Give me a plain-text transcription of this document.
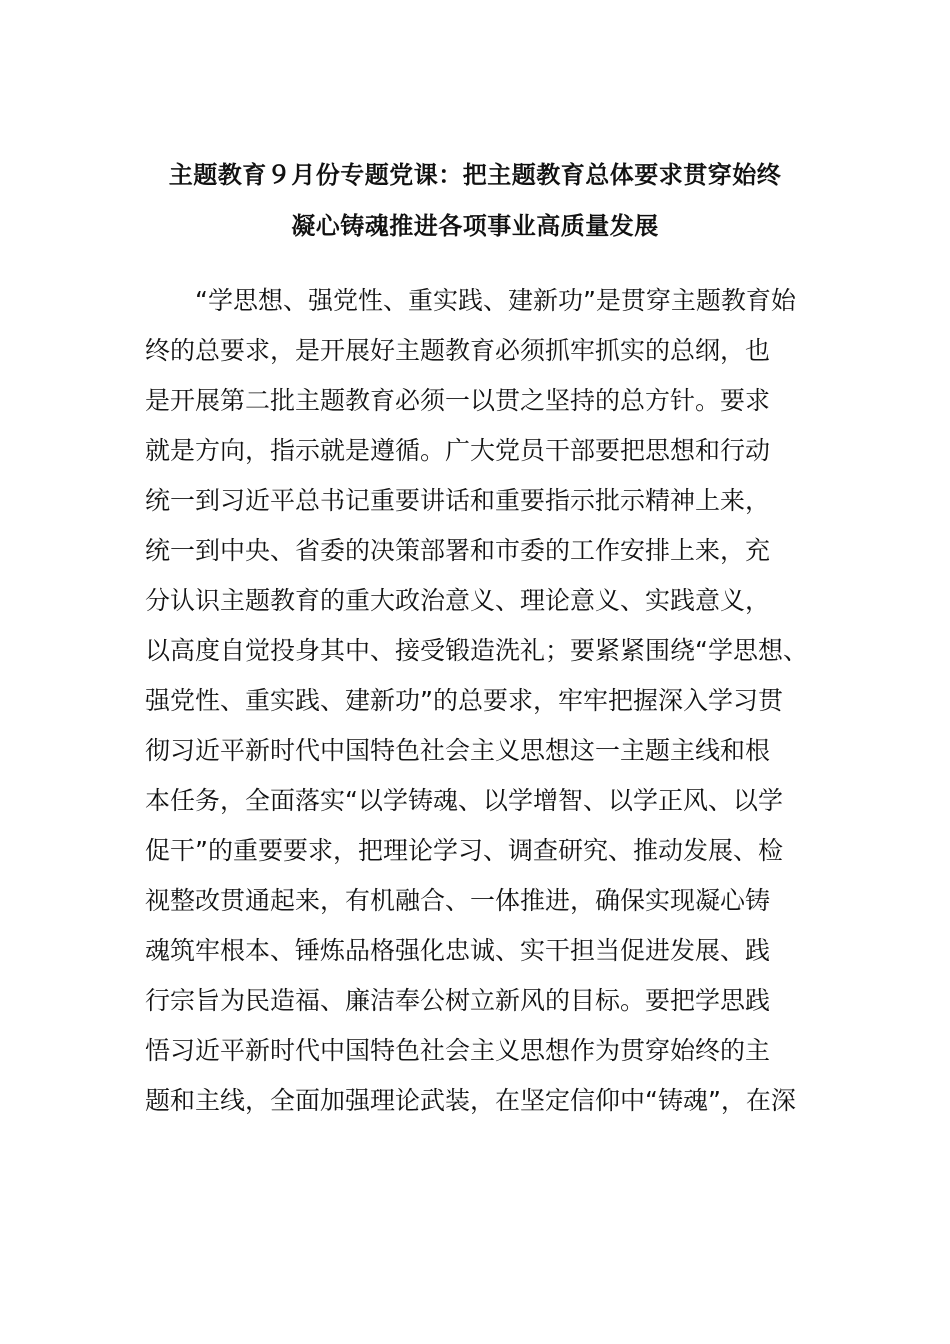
主题教育９月份专题党课：把主题教育总体要求贯穿始终
凝心铸魂推进各项事业高质量发展
“学思想、强党性、重实践、建新功”是贯穿主题教育始
终的总要求，是开展好主题教育必须抓牢抓实的总纲，也
是开展第二批主题教育必须一以贯之坚持的总方针。要求
就是方向，指示就是遵循。广大党员干部要把思想和行动
统一到习近平总书记重要讲话和重要指示批示精神上来，
统一到中央、省委的决策部署和市委的工作安排上来，充
分认识主题教育的重大政治意义、理论意义、实践意义，
以高度自觉投身其中、接受锻造洗礼；要紧紧围绕“学思想、
强党性、重实践、建新功”的总要求，牢牢把握深入学习贯
彻习近平新时代中国特色社会主义思想这一主题主线和根
本任务，全面落实“以学铸魂、以学增智、以学正风、以学
促干”的重要要求，把理论学习、调查研究、推动发展、检
视整改贯通起来，有机融合、一体推进，确保实现凝心铸
魂筑牢根本、锤炼品格强化忠诚、实干担当促进发展、践
行宗旨为民造福、廉洁奉公树立新风的目标。要把学思践
悟习近平新时代中国特色社会主义思想作为贯穿始终的主
题和主线，全面加强理论武装，在坚定信仰中“铸魂”，在深
